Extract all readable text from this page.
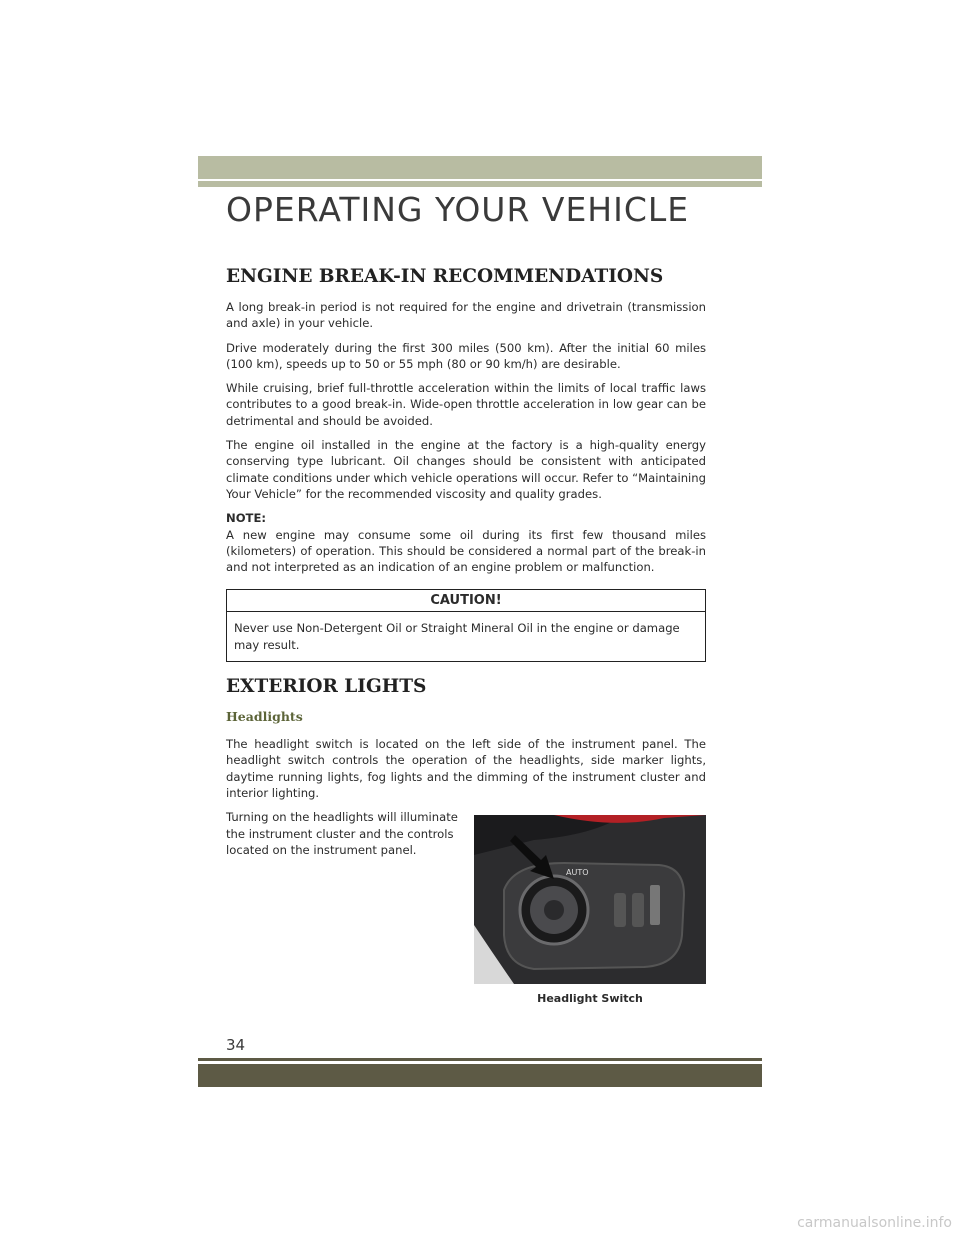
OPERATING YOUR VEHICLE
ENGINE BREAK-IN RECOMMENDATIONS

A long break-in period is not required for the engine and drivetrain (transmission and axle) in your vehicle.

Drive moderately during the first 300 miles (500 km). After the initial 60 miles (100 km), speeds up to 50 or 55 mph (80 or 90 km/h) are desirable.

While cruising, brief full-throttle acceleration within the limits of local traffic laws contributes to a good break-in. Wide-open throttle acceleration in low gear can be detrimental and should be avoided.

The engine oil installed in the engine at the factory is a high-quality energy conserving type lubricant. Oil changes should be consistent with anticipated climate conditions under which vehicle operations will occur. Refer to “Maintaining Your Vehicle” for the recommended viscosity and quality grades.

NOTE:

A new engine may consume some oil during its first few thousand miles (kilometers) of operation. This should be considered a normal part of the break-in and not interpreted as an indication of an engine problem or malfunction.

CAUTION!

Never use Non-Detergent Oil or Straight Mineral Oil in the engine or damage may result.

EXTERIOR LIGHTS
Headlights

The headlight switch is located on the left side of the instrument panel. The headlight switch controls the operation of the headlights, side marker lights, daytime running lights, fog lights and the dimming of the instrument cluster and interior lighting.

AUTO
Headlight Switch

Turning on the headlights will illuminate the instrument cluster and the controls located on the instrument panel.

34
carmanualsonline.info
